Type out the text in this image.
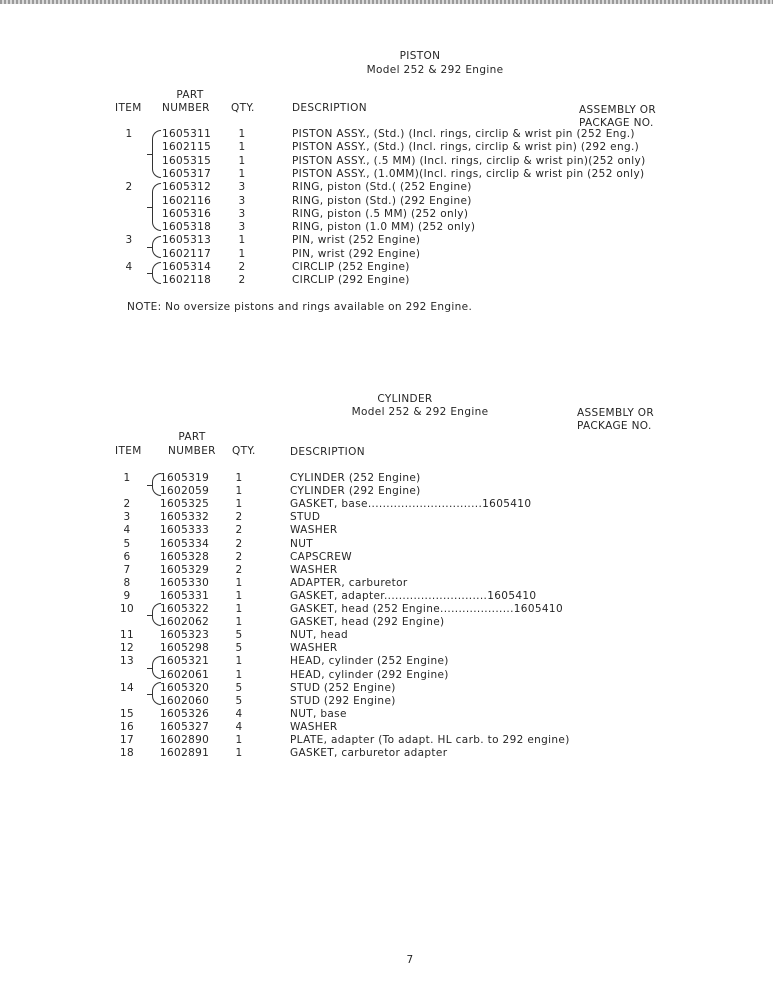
PISTON
Model 252 & 292 Engine
PART
ITEM NUMBER QTY.	DESCRIPTION	ASSEMBLY OR
PACKAGE NO.
1	1605311	1	PISTON ASSY., (Std.) (Incl. rings, circlip & wrist pin (252 Eng.)
1602115	1	PISTON ASSY., (Std.) (Incl. rings, circlip & wrist pin) (292 eng.)
1605315	1	PISTON ASSY., (.5 MM) (Incl. rings, circlip & wrist pin)(252 only)
1605317	1	PISTON ASSY., (1.0MM)(Incl. rings, circlip & wrist pin (252 only)
2	1605312	3	RING, piston (Std.( (252 Engine)
1602116	3	RING, piston (Std.) (292 Engine)
1605316	3	RING, piston (.5 MM) (252 only)
1605318	3	RING, piston (1.0 MM) (252 only)
3	1605313	1	PIN, wrist (252 Engine)
1602117	1	PIN, wrist (292 Engine)
4	1605314	2	CIRCLIP (252 Engine)
1602118	2	CIRCLIP (292 Engine)
NOTE: No oversize pistons and rings available on 292 Engine.
CYLINDER
Model 252 & 292 Engine	ASSEMBLY OR
PACKAGE NO.
PART
ITEM	NUMBER QTY.	DESCRIPTION
1	1605319	1	CYLINDER (252 Engine)
1602059	1	CYLINDER (292 Engine)
2	1605325	1	GASKET, base...............................1605410
3	1605332	2	STUD
4	1605333	2	WASHER
5	1605334	2	NUT
6	1605328	2	CAPSCREW
7	1605329	2	WASHER
8	1605330	1	ADAPTER, carburetor
9	1605331	1	GASKET, adapter............................1605410
10 1605322	1	GASKET, head (252 Engine....................1605410
1602062	1	GASKET, head (292 Engine)
11 1605323	5	NUT, head
12 1605298	5	WASHER
13 1605321	1	HEAD, cylinder (252 Engine)
1602061	1	HEAD, cylinder (292 Engine)
14 1605320	5	STUD (252 Engine)
1602060	5	STUD (292 Engine)
15 1605326	4	NUT, base
16 1605327	4	WASHER
17 1602890	1	PLATE, adapter (To adapt. HL carb. to 292 engine)
18 1602891	1	GASKET, carburetor adapter
7
